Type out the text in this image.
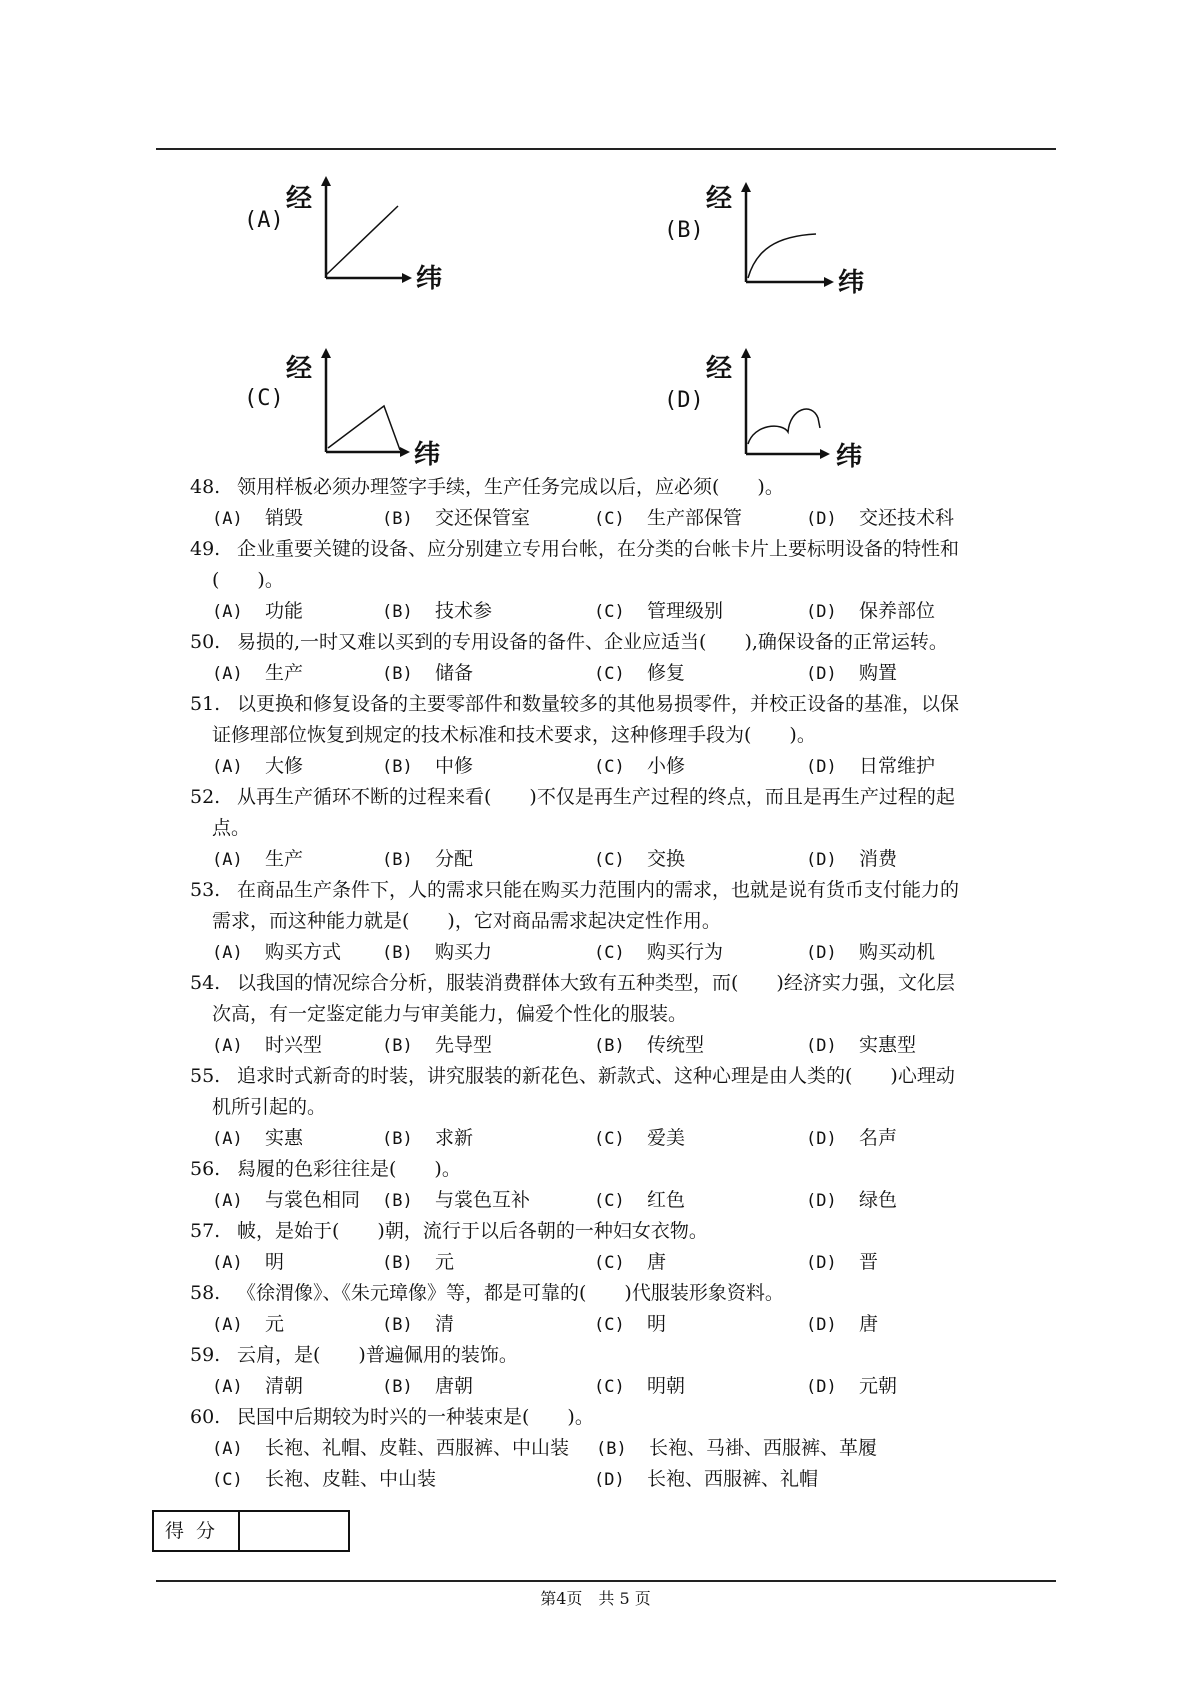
(A)
经
纬
(B)
经
纬
(C)
经
纬
(D)
经
纬
48. 领用样板必须办理签字手续，生产任务完成以后，应必须(　　)。
(A) 销毁	(B) 交还保管室	(C) 生产部保管	(D) 交还技术科
49. 企业重要关键的设备、应分别建立专用台帐，在分类的台帐卡片上要标明设备的特性和
(　　)。
(A) 功能	(B) 技术参	(C) 管理级别	(D) 保养部位
50. 易损的,一时又难以买到的专用设备的备件、企业应适当(　　),确保设备的正常运转。
(A) 生产	(B) 储备	(C) 修复	(D) 购置
51. 以更换和修复设备的主要零部件和数量较多的其他易损零件，并校正设备的基准，以保
证修理部位恢复到规定的技术标准和技术要求，这种修理手段为(　　)。
(A) 大修	(B) 中修	(C) 小修	(D) 日常维护
52. 从再生产循环不断的过程来看(　　)不仅是再生产过程的终点，而且是再生产过程的起
点。
(A) 生产	(B) 分配	(C) 交换	(D) 消费
53. 在商品生产条件下，人的需求只能在购买力范围内的需求，也就是说有货币支付能力的
需求，而这种能力就是(　　)，它对商品需求起决定性作用。
(A) 购买方式 (B) 购买力	(C) 购买行为	(D) 购买动机
54. 以我国的情况综合分析，服装消费群体大致有五种类型，而(　　)经济实力强，文化层
次高，有一定鉴定能力与审美能力，偏爱个性化的服装。
(A) 时兴型	(B) 先导型	(B) 传统型	(D) 实惠型
55. 追求时式新奇的时装，讲究服装的新花色、新款式、这种心理是由人类的(　　)心理动
机所引起的。
(A) 实惠	(B) 求新	(C) 爱美	(D) 名声
56. 舄履的色彩往往是(　　)。
(A) 与裳色相同 (B) 与裳色互补	(C) 红色	(D) 绿色
57. 帔，是始于(　　)朝，流行于以后各朝的一种妇女衣物。
(A) 明	(B) 元	(C) 唐	(D) 晋
58. 《徐渭像》、《朱元璋像》等，都是可靠的(　　)代服装形象资料。
(A) 元	(B) 清	(C) 明	(D) 唐
59. 云肩，是(　　)普遍佩用的装饰。
(A) 清朝	(B) 唐朝	(C) 明朝	(D) 元朝
60. 民国中后期较为时兴的一种装束是(　　)。
(A) 长袍、礼帽、皮鞋、西服裤、中山装 (B) 长袍、马褂、西服裤、革履
(C) 长袍、皮鞋、中山装	(D) 长袍、西服裤、礼帽
得分
第4页　共 5 页
